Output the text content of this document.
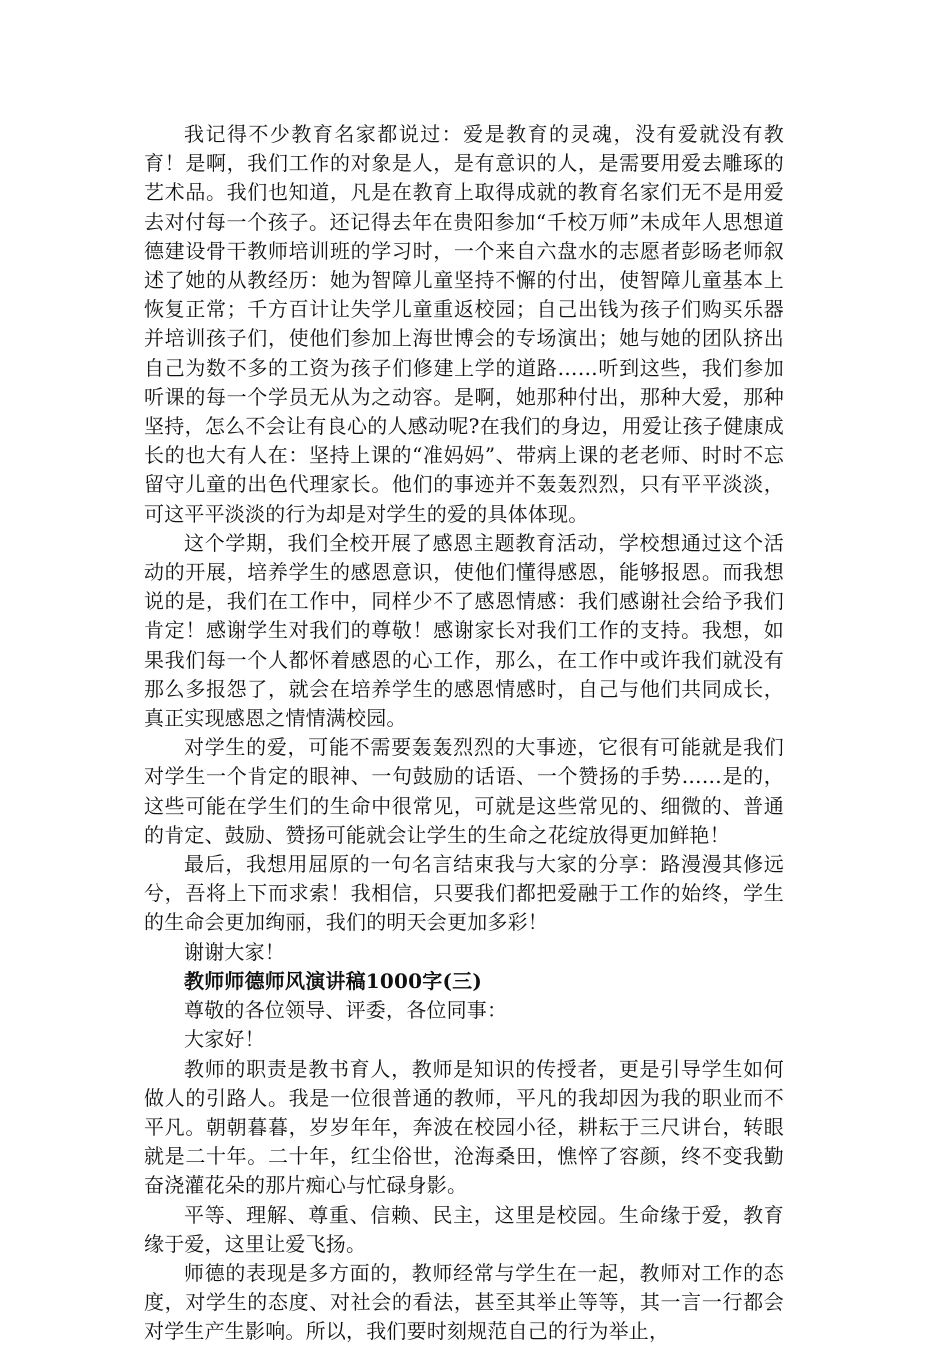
我记得不少教育名家都说过：爱是教育的灵魂，没有爱就没有教育！是啊，我们工作的对象是人，是有意识的人，是需要用爱去雕琢的艺术品。我们也知道，凡是在教育上取得成就的教育名家们无不是用爱去对付每一个孩子。还记得去年在贵阳参加“千校万师”未成年人思想道德建设骨干教师培训班的学习时，一个来自六盘水的志愿者彭旸老师叙述了她的从教经历：她为智障儿童坚持不懈的付出，使智障儿童基本上恢复正常；千方百计让失学儿童重返校园；自己出钱为孩子们购买乐器并培训孩子们，使他们参加上海世博会的专场演出；她与她的团队挤出自己为数不多的工资为孩子们修建上学的道路……听到这些，我们参加听课的每一个学员无从为之动容。是啊，她那种付出，那种大爱，那种坚持，怎么不会让有良心的人感动呢?在我们的身边，用爱让孩子健康成长的也大有人在：坚持上课的“准妈妈”、带病上课的老老师、时时不忘留守儿童的出色代理家长。他们的事迹并不轰轰烈烈，只有平平淡淡，可这平平淡淡的行为却是对学生的爱的具体体现。

这个学期，我们全校开展了感恩主题教育活动，学校想通过这个活动的开展，培养学生的感恩意识，使他们懂得感恩，能够报恩。而我想说的是，我们在工作中，同样少不了感恩情感：我们感谢社会给予我们肯定！感谢学生对我们的尊敬！感谢家长对我们工作的支持。我想，如果我们每一个人都怀着感恩的心工作，那么，在工作中或许我们就没有那么多报怨了，就会在培养学生的感恩情感时，自己与他们共同成长，真正实现感恩之情情满校园。

对学生的爱，可能不需要轰轰烈烈的大事迹，它很有可能就是我们对学生一个肯定的眼神、一句鼓励的话语、一个赞扬的手势……是的，这些可能在学生们的生命中很常见，可就是这些常见的、细微的、普通的肯定、鼓励、赞扬可能就会让学生的生命之花绽放得更加鲜艳！

最后，我想用屈原的一句名言结束我与大家的分享：路漫漫其修远兮，吾将上下而求索！我相信，只要我们都把爱融于工作的始终，学生的生命会更加绚丽，我们的明天会更加多彩！

谢谢大家！

教师师德师风演讲稿1000字(三)

尊敬的各位领导、评委，各位同事：

大家好！

教师的职责是教书育人，教师是知识的传授者，更是引导学生如何做人的引路人。我是一位很普通的教师，平凡的我却因为我的职业而不平凡。朝朝暮暮，岁岁年年，奔波在校园小径，耕耘于三尺讲台，转眼就是二十年。二十年，红尘俗世，沧海桑田，憔悴了容颜，终不变我勤奋浇灌花朵的那片痴心与忙碌身影。

平等、理解、尊重、信赖、民主，这里是校园。生命缘于爱，教育缘于爱，这里让爱飞扬。

师德的表现是多方面的，教师经常与学生在一起，教师对工作的态度，对学生的态度、对社会的看法，甚至其举止等等，其一言一行都会对学生产生影响。所以，我们要时刻规范自己的行为举止，
